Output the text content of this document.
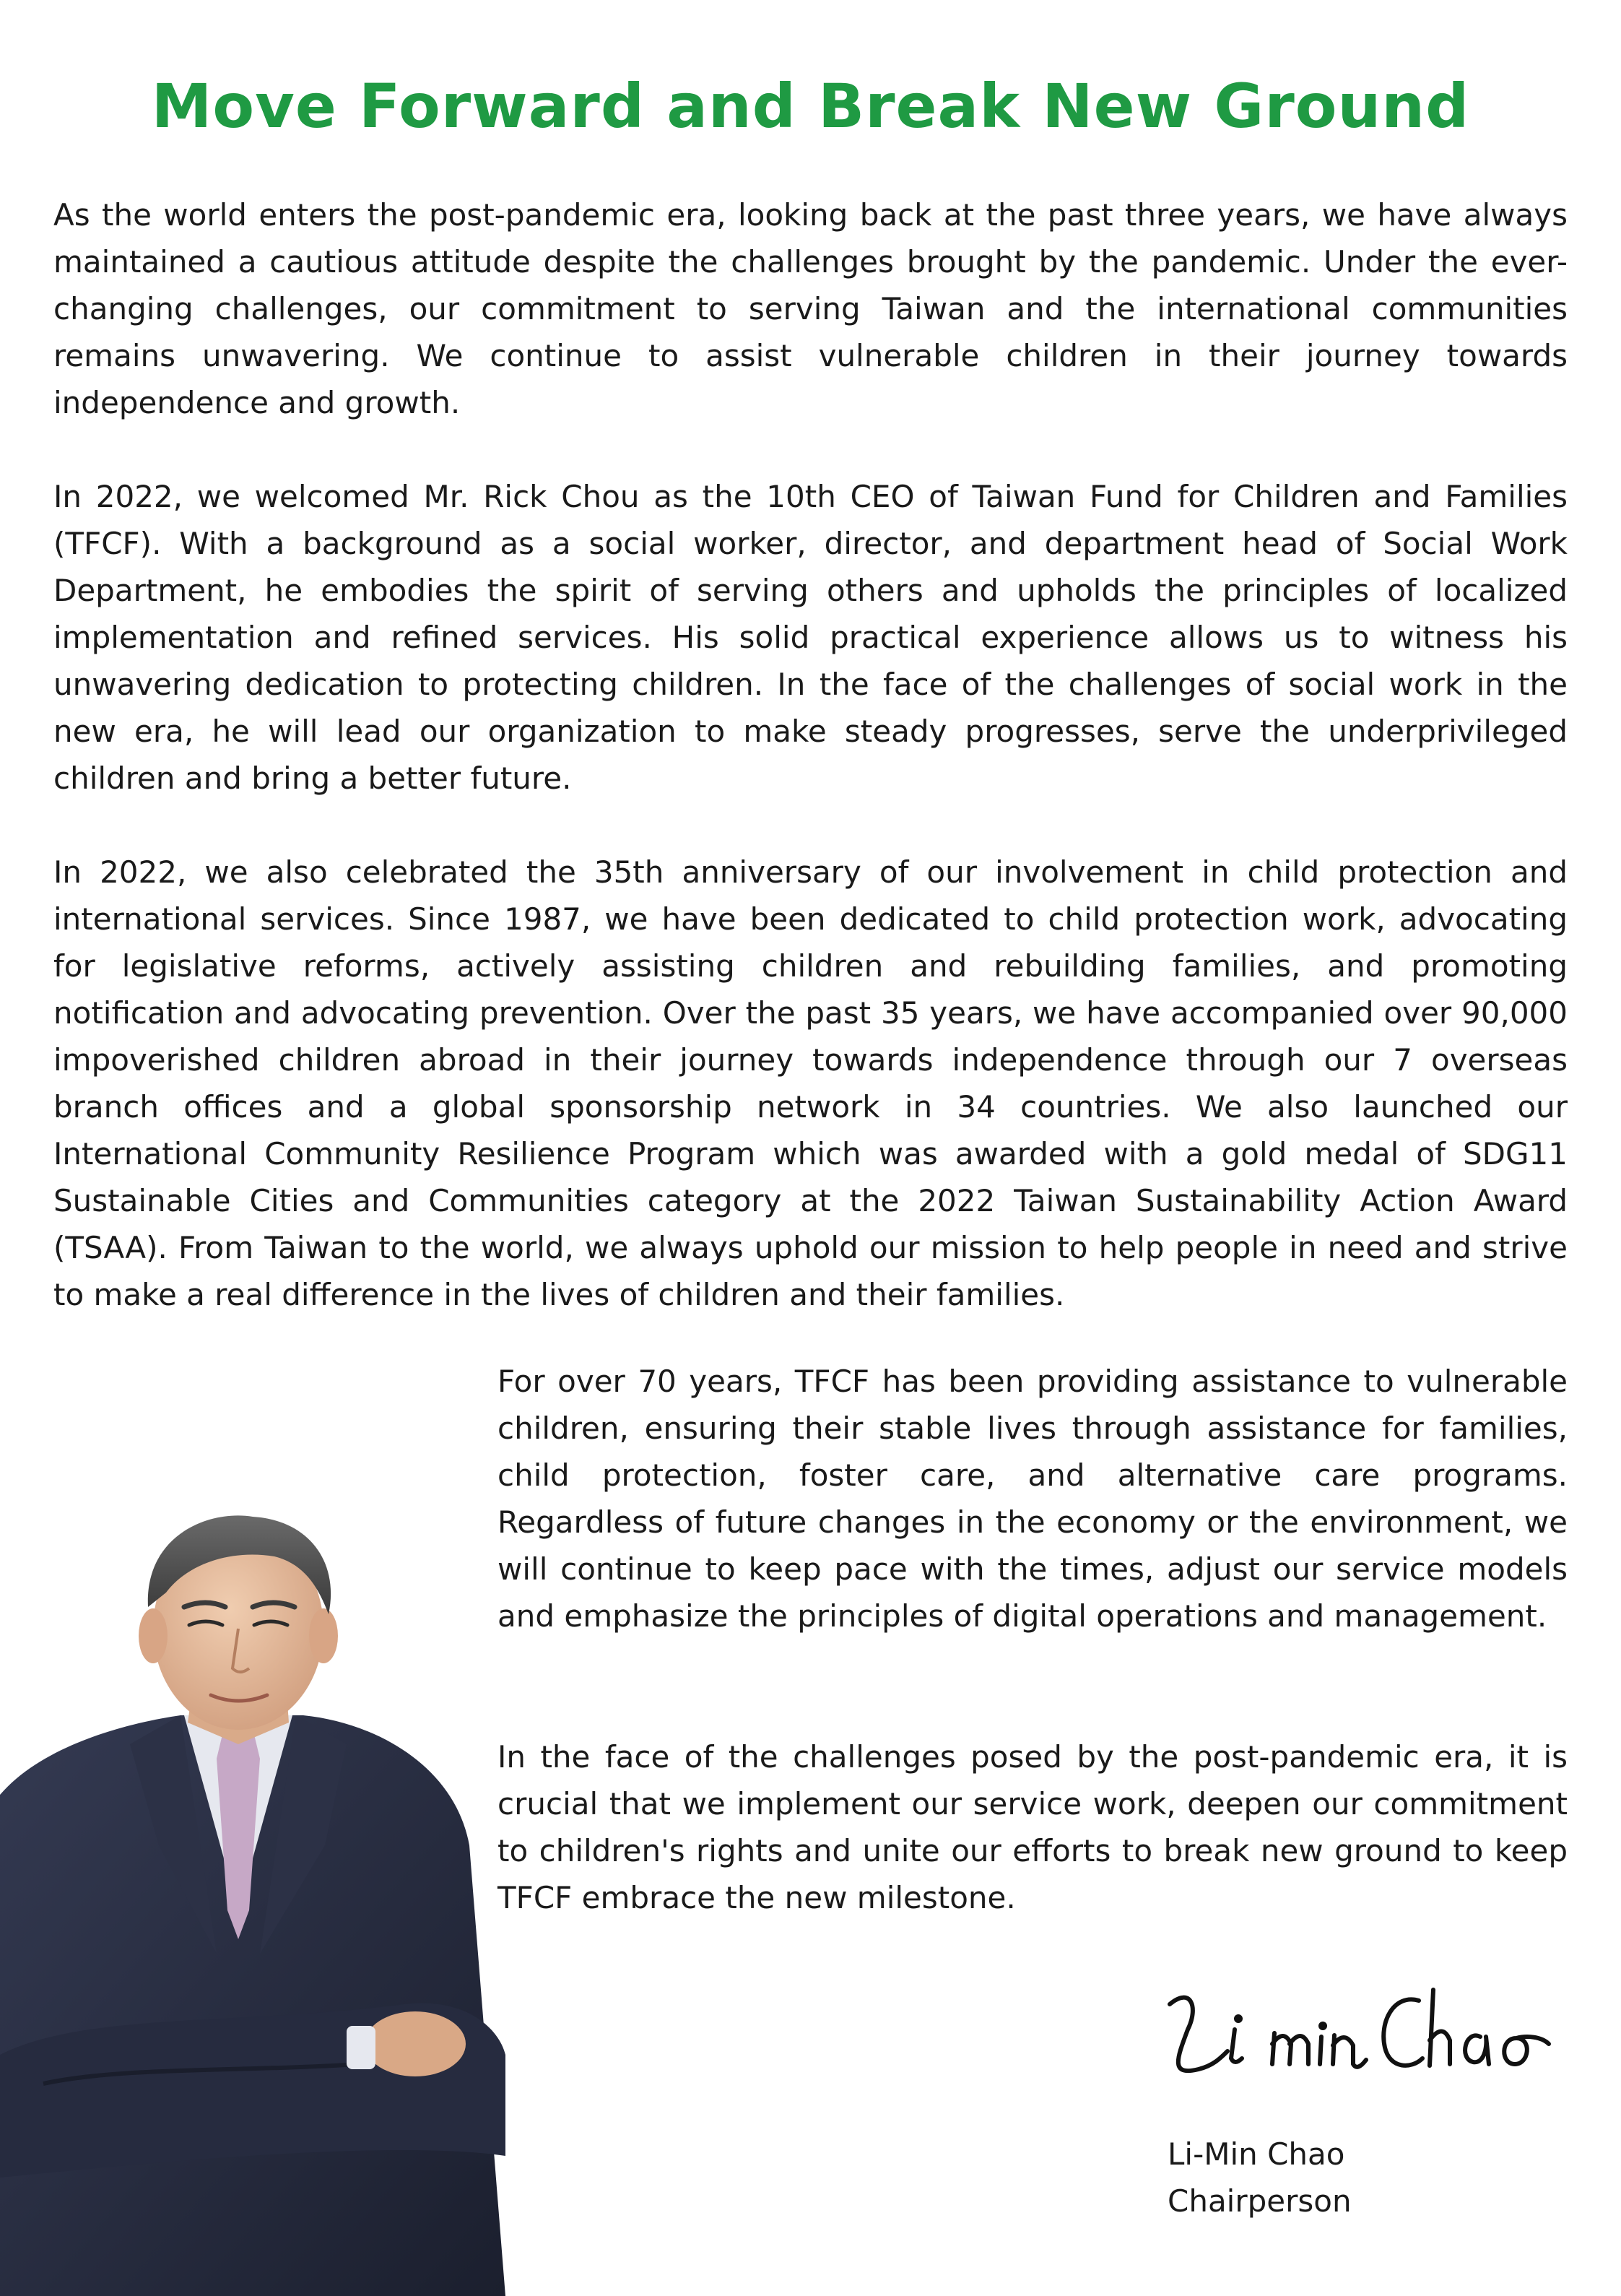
Move Forward and Break New Ground

As the world enters the post-pandemic era, looking back at the past three years, we have always maintained a cautious attitude despite the challenges brought by the pandemic. Under the ever-changing challenges, our commitment to serving Taiwan and the international communities remains unwavering. We continue to assist vulnerable children in their journey towards independence and growth.

In 2022, we welcomed Mr. Rick Chou as the 10th CEO of Taiwan Fund for Children and Families (TFCF). With a background as a social worker, director, and department head of Social Work Department, he embodies the spirit of serving others and upholds the principles of localized implementation and refined services. His solid practical experience allows us to witness his unwavering dedication to protecting children. In the face of the challenges of social work in the new era, he will lead our organization to make steady progresses, serve the underprivileged children and bring a better future.

In 2022, we also celebrated the 35th anniversary of our involvement in child protection and international services. Since 1987, we have been dedicated to child protection work, advocating for legislative reforms, actively assisting children and rebuilding families, and promoting notification and advocating prevention. Over the past 35 years, we have accompanied over 90,000 impoverished children abroad in their journey towards independence through our 7 overseas branch offices and a global sponsorship network in 34 countries. We also launched our International Community Resilience Program which was awarded with a gold medal of SDG11 Sustainable Cities and Communities category at the 2022 Taiwan Sustainability Action Award (TSAA). From Taiwan to the world, we always uphold our mission to help people in need and strive to make a real difference in the lives of children and their families.

For over 70 years, TFCF has been providing assistance to vulnerable children, ensuring their stable lives through assistance for families, child protection, foster care, and alternative care programs. Regardless of future changes in the economy or the environment, we will continue to keep pace with the times, adjust our service models and emphasize the principles of digital operations and management.

In the face of the challenges posed by the post-pandemic era, it is crucial that we implement our service work, deepen our commitment to children's rights and unite our efforts to break new ground to keep TFCF embrace the new milestone.

Li-Min Chao

Chairperson
